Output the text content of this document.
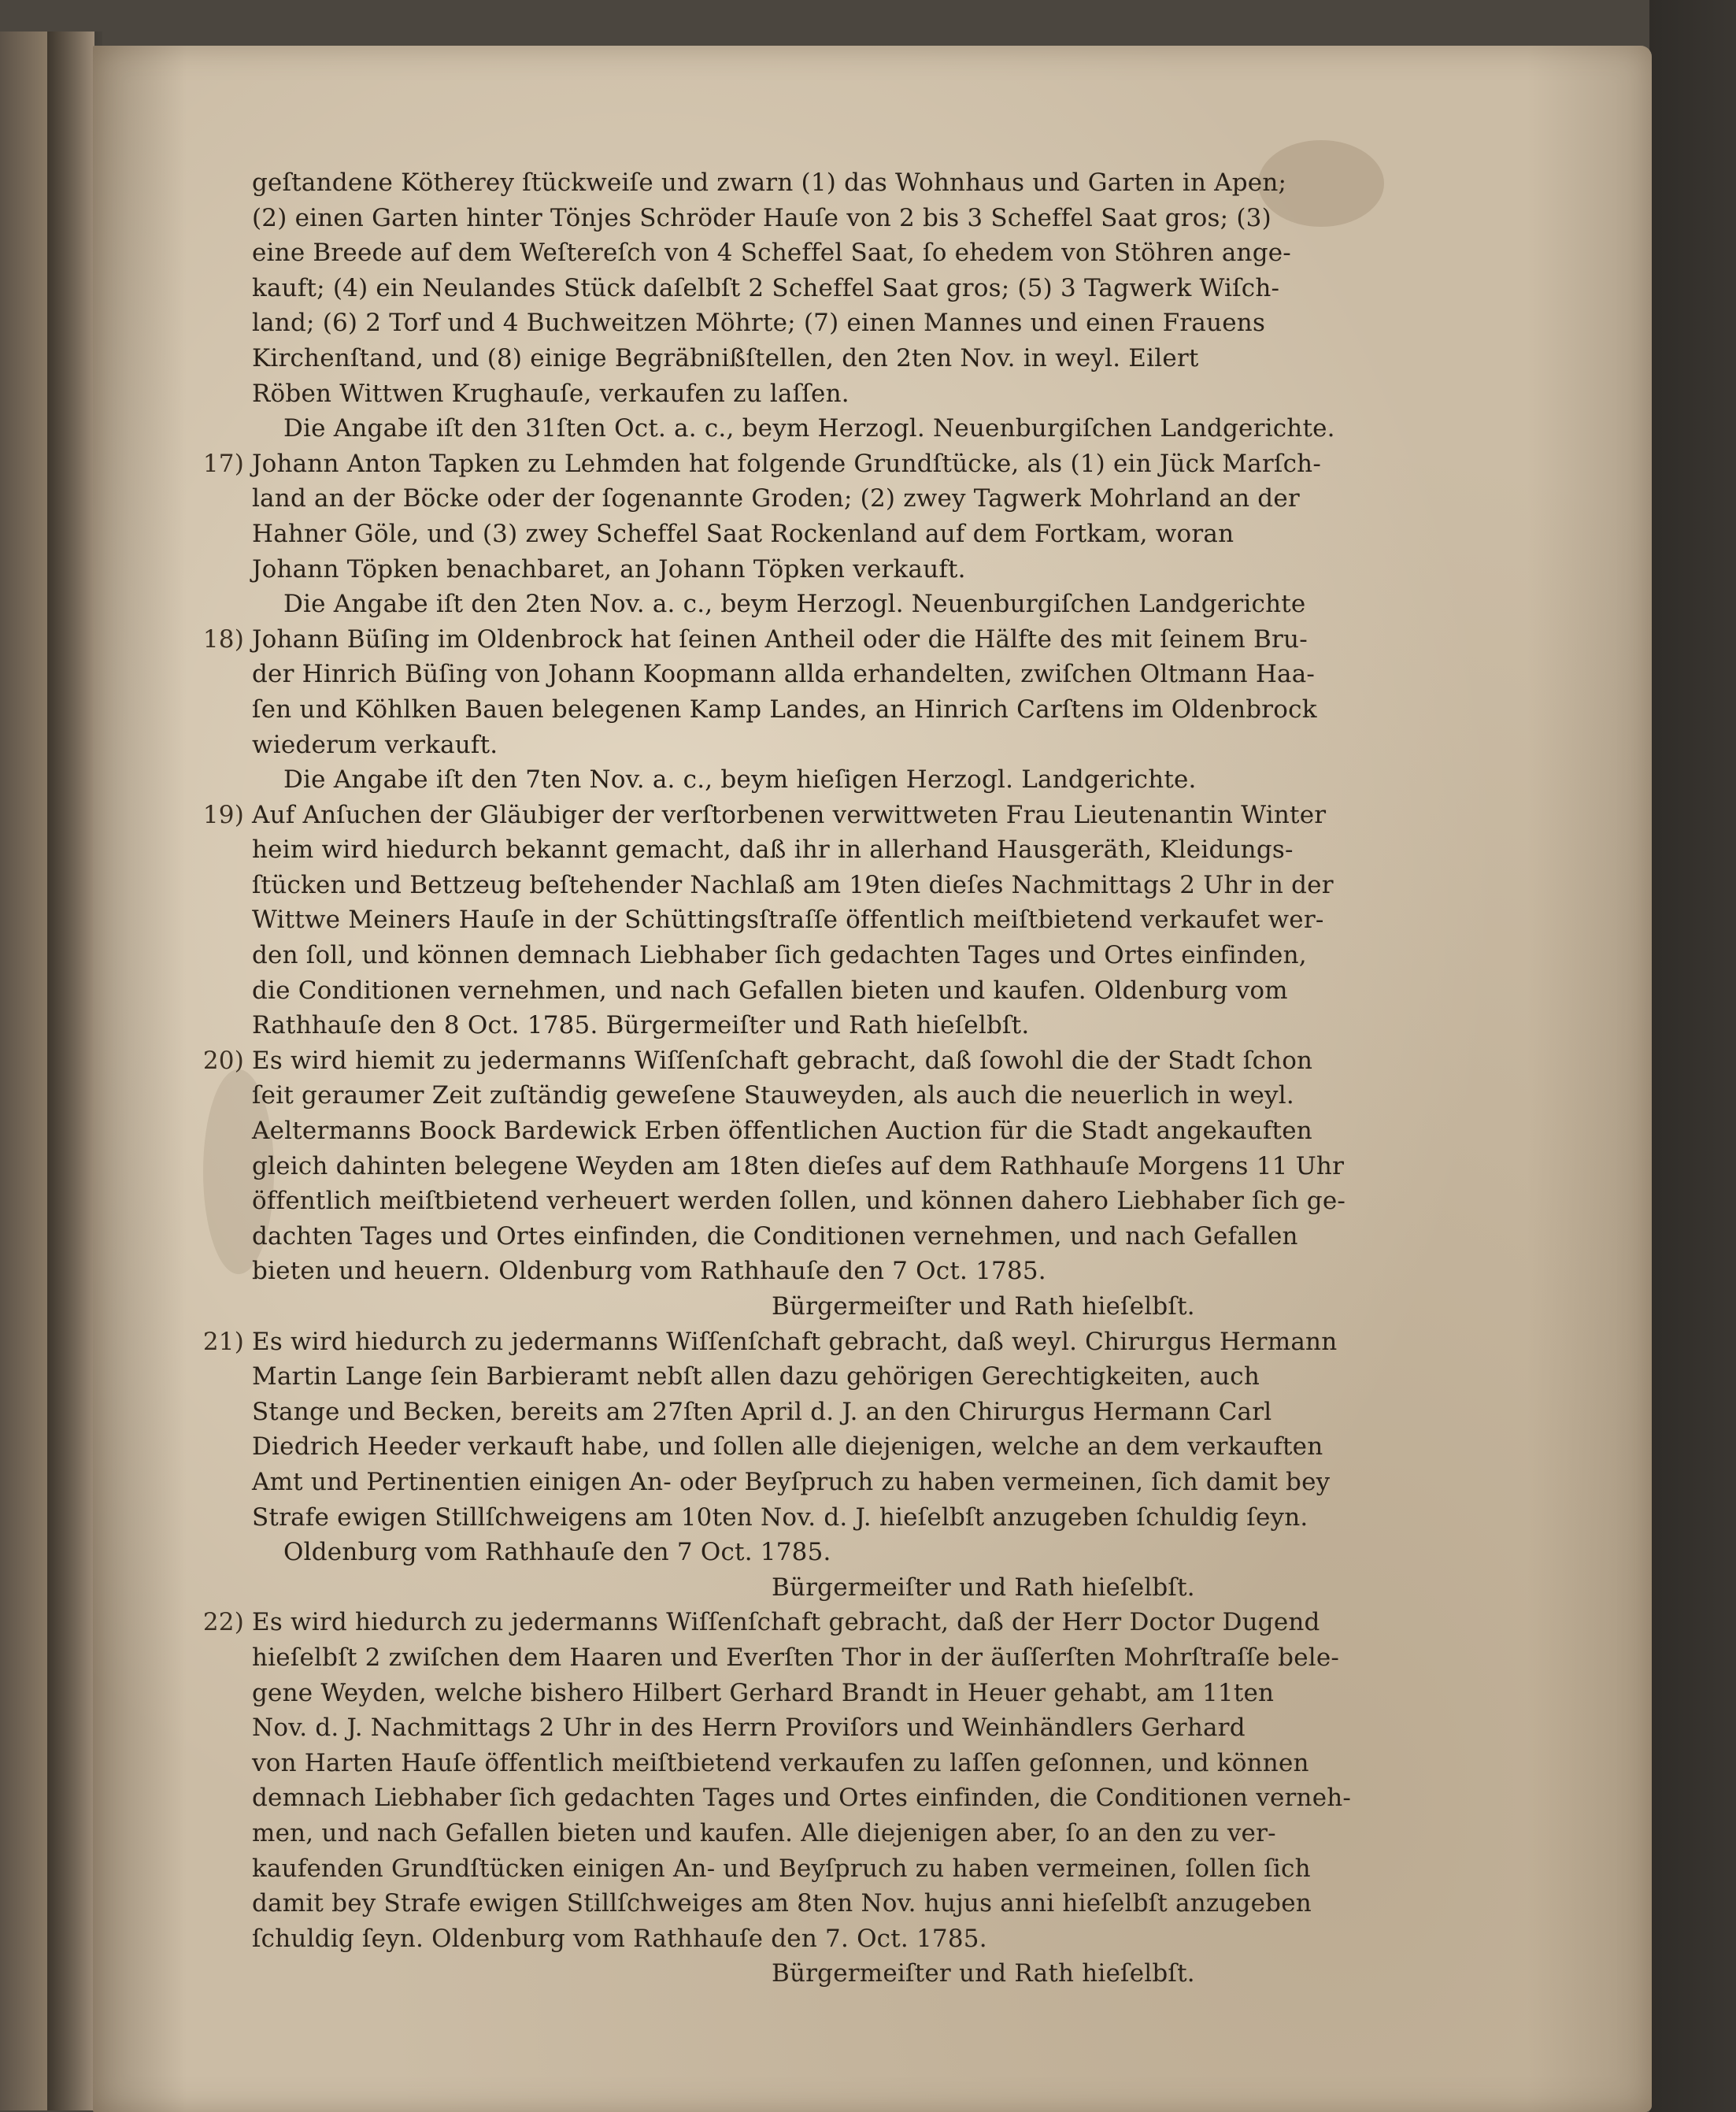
geſtandene Kötherey ſtückweiſe und zwarn (1) das Wohnhaus und Garten in Apen;
(2) einen Garten hinter Tönjes Schröder Hauſe von 2 bis 3 Scheffel Saat gros; (3)
eine Breede auf dem Weſtereſch von 4 Scheffel Saat, ſo ehedem von Stöhren ange-
kauft; (4) ein Neulandes Stück daſelbſt 2 Scheffel Saat gros; (5) 3 Tagwerk Wiſch-
land; (6) 2 Torf und 4 Buchweitzen Möhrte; (7) einen Mannes und einen Frauens
Kirchenſtand, und (8) einige Begräbnißſtellen, den 2ten Nov. in weyl. Eilert
Röben Wittwen Krughauſe, verkaufen zu laſſen.
Die Angabe iſt den 31ſten Oct. a. c., beym Herzogl. Neuenburgiſchen Landgerichte.
17) Johann Anton Tapken zu Lehmden hat folgende Grundſtücke, als (1) ein Jück Marſch-
land an der Böcke oder der ſogenannte Groden; (2) zwey Tagwerk Mohrland an der
Hahner Göle, und (3) zwey Scheffel Saat Rockenland auf dem Fortkam, woran
Johann Töpken benachbaret, an Johann Töpken verkauft.
Die Angabe iſt den 2ten Nov. a. c., beym Herzogl. Neuenburgiſchen Landgerichte
18) Johann Büſing im Oldenbrock hat ſeinen Antheil oder die Hälfte des mit ſeinem Bru-
der Hinrich Büſing von Johann Koopmann allda erhandelten, zwiſchen Oltmann Haa-
ſen und Köhlken Bauen belegenen Kamp Landes, an Hinrich Carſtens im Oldenbrock
wiederum verkauft.
Die Angabe iſt den 7ten Nov. a. c., beym hieſigen Herzogl. Landgerichte.
19) Auf Anſuchen der Gläubiger der verſtorbenen verwittweten Frau Lieutenantin Winter
heim wird hiedurch bekannt gemacht, daß ihr in allerhand Hausgeräth, Kleidungs-
ſtücken und Bettzeug beſtehender Nachlaß am 19ten dieſes Nachmittags 2 Uhr in der
Wittwe Meiners Hauſe in der Schüttingsſtraſſe öffentlich meiſtbietend verkaufet wer-
den ſoll, und können demnach Liebhaber ſich gedachten Tages und Ortes einfinden,
die Conditionen vernehmen, und nach Gefallen bieten und kaufen. Oldenburg vom
Rathhauſe den 8 Oct. 1785. Bürgermeiſter und Rath hieſelbſt.
20) Es wird hiemit zu jedermanns Wiſſenſchaft gebracht, daß ſowohl die der Stadt ſchon
ſeit geraumer Zeit zuſtändig geweſene Stauweyden, als auch die neuerlich in weyl.
Aeltermanns Boock Bardewick Erben öffentlichen Auction für die Stadt angekauften
gleich dahinten belegene Weyden am 18ten dieſes auf dem Rathhauſe Morgens 11 Uhr
öffentlich meiſtbietend verheuert werden ſollen, und können dahero Liebhaber ſich ge-
dachten Tages und Ortes einfinden, die Conditionen vernehmen, und nach Gefallen
bieten und heuern. Oldenburg vom Rathhauſe den 7 Oct. 1785.
Bürgermeiſter und Rath hieſelbſt.
21) Es wird hiedurch zu jedermanns Wiſſenſchaft gebracht, daß weyl. Chirurgus Hermann
Martin Lange ſein Barbieramt nebſt allen dazu gehörigen Gerechtigkeiten, auch
Stange und Becken, bereits am 27ſten April d. J. an den Chirurgus Hermann Carl
Diedrich Heeder verkauft habe, und ſollen alle diejenigen, welche an dem verkauften
Amt und Pertinentien einigen An- oder Beyſpruch zu haben vermeinen, ſich damit bey
Strafe ewigen Stillſchweigens am 10ten Nov. d. J. hieſelbſt anzugeben ſchuldig ſeyn.
Oldenburg vom Rathhauſe den 7 Oct. 1785.
Bürgermeiſter und Rath hieſelbſt.
22) Es wird hiedurch zu jedermanns Wiſſenſchaft gebracht, daß der Herr Doctor Dugend
hieſelbſt 2 zwiſchen dem Haaren und Everſten Thor in der äuſſerſten Mohrſtraſſe bele-
gene Weyden, welche bishero Hilbert Gerhard Brandt in Heuer gehabt, am 11ten
Nov. d. J. Nachmittags 2 Uhr in des Herrn Proviſors und Weinhändlers Gerhard
von Harten Hauſe öffentlich meiſtbietend verkaufen zu laſſen geſonnen, und können
demnach Liebhaber ſich gedachten Tages und Ortes einfinden, die Conditionen verneh-
men, und nach Gefallen bieten und kaufen. Alle diejenigen aber, ſo an den zu ver-
kaufenden Grundſtücken einigen An- und Beyſpruch zu haben vermeinen, ſollen ſich
damit bey Strafe ewigen Stillſchweiges am 8ten Nov. hujus anni hieſelbſt anzugeben
ſchuldig ſeyn. Oldenburg vom Rathhauſe den 7. Oct. 1785.
Bürgermeiſter und Rath hieſelbſt.
